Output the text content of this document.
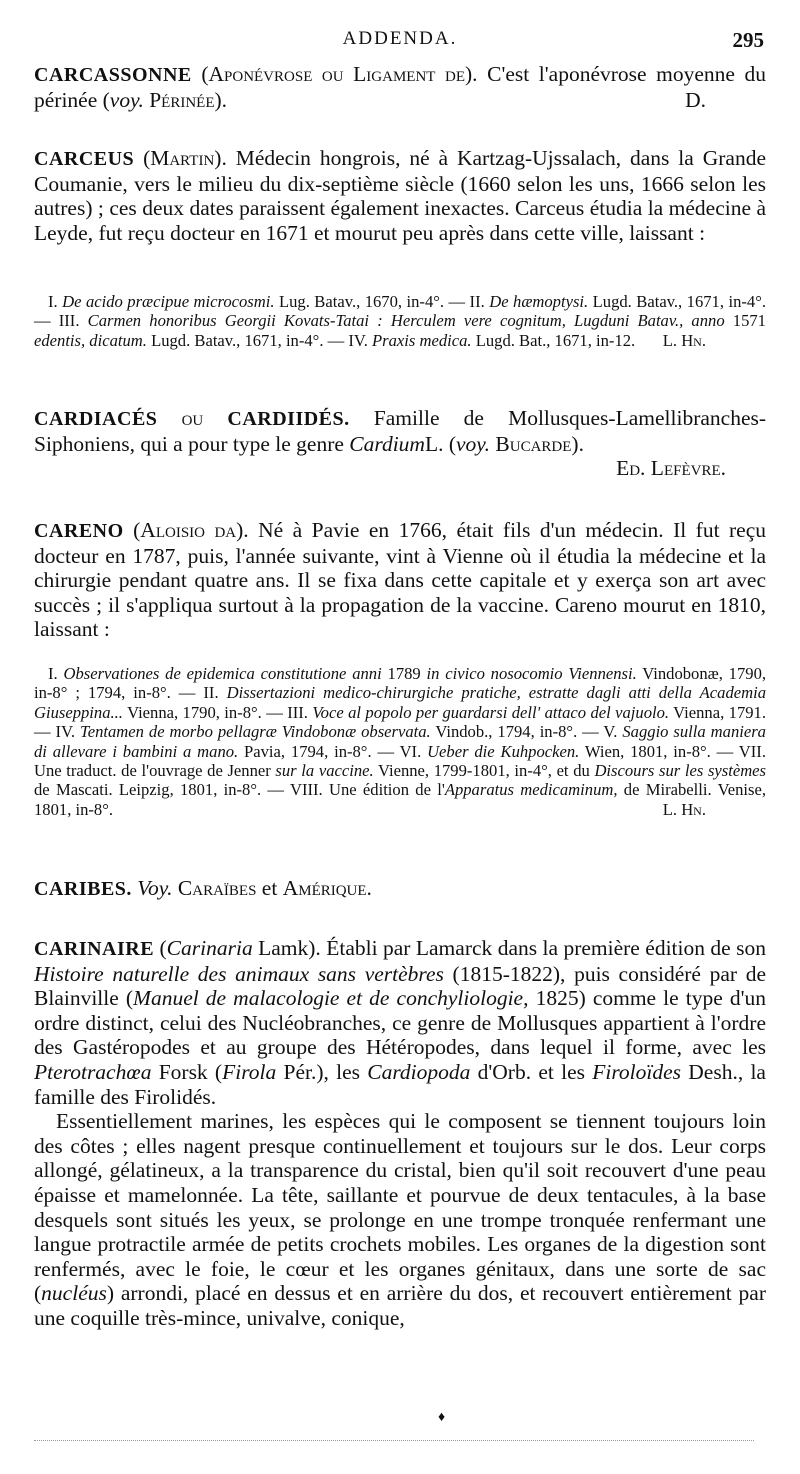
ADDENDA.	295

CARCASSONNE (Aponévrose ou Ligament de). C'est l'aponévrose moyenne du périnée (voy. Périnée).	D.

CARCEUS (Martin). Médecin hongrois, né à Kartzag-Ujssalach, dans la Grande Coumanie, vers le milieu du dix-septième siècle (1660 selon les uns, 1666 selon les autres) ; ces deux dates paraissent également inexactes. Carceus étudia la médecine à Leyde, fut reçu docteur en 1671 et mourut peu après dans cette ville, laissant :

I. De acido præcipue microcosmi. Lug. Batav., 1670, in-4°. — II. De hæmoptysi. Lugd. Batav., 1671, in-4°. — III. Carmen honoribus Georgii Kovats-Tatai : Herculem vere cognitum, Lugduni Batav., anno 1571 edentis, dicatum. Lugd. Batav., 1671, in-4°. — IV. Praxis medica. Lugd. Bat., 1671, in-12.	L. Hn.

CARDIACÉS ou CARDIIDÉS. Famille de Mollusques-Lamellibranches-Siphoniens, qui a pour type le genre CardiumL. (voy. Bucarde).

Ed. Lefèvre.

CARENO (Aloisio da). Né à Pavie en 1766, était fils d'un médecin. Il fut reçu docteur en 1787, puis, l'année suivante, vint à Vienne où il étudia la médecine et la chirurgie pendant quatre ans. Il se fixa dans cette capitale et y exerça son art avec succès ; il s'appliqua surtout à la propagation de la vaccine. Careno mourut en 1810, laissant :

I. Observationes de epidemica constitutione anni 1789 in civico nosocomio Viennensi. Vindobonæ, 1790, in-8° ; 1794, in-8°. — II. Dissertazioni medico-chirurgiche pratiche, estratte dagli atti della Academia Giuseppina... Vienna, 1790, in-8°. — III. Voce al popolo per guardarsi dell' attaco del vajuolo. Vienna, 1791. — IV. Tentamen de morbo pellagræ Vindobonæ observata. Vindob., 1794, in-8°. — V. Saggio sulla maniera di allevare i bambini a mano. Pavia, 1794, in-8°. — VI. Ueber die Kuhpocken. Wien, 1801, in-8°. — VII. Une traduct. de l'ouvrage de Jenner sur la vaccine. Vienne, 1799-1801, in-4°, et du Discours sur les systèmes de Mascati. Leipzig, 1801, in-8°. — VIII. Une édition de l'Apparatus medicaminum, de Mirabelli. Venise, 1801, in-8°.	L. Hn.

CARIBES. Voy. Caraïbes et Amérique.

CARINAIRE (Carinaria Lamk). Établi par Lamarck dans la première édition de son Histoire naturelle des animaux sans vertèbres (1815-1822), puis considéré par de Blainville (Manuel de malacologie et de conchyliologie, 1825) comme le type d'un ordre distinct, celui des Nucléobranches, ce genre de Mollusques appartient à l'ordre des Gastéropodes et au groupe des Hétéropodes, dans lequel il forme, avec les Pterotrachœa Forsk (Firola Pér.), les Cardiopoda d'Orb. et les Firoloïdes Desh., la famille des Firolidés.

Essentiellement marines, les espèces qui le composent se tiennent toujours loin des côtes ; elles nagent presque continuellement et toujours sur le dos. Leur corps allongé, gélatineux, a la transparence du cristal, bien qu'il soit recouvert d'une peau épaisse et mamelonnée. La tête, saillante et pourvue de deux tentacules, à la base desquels sont situés les yeux, se prolonge en une trompe tronquée renfermant une langue protractile armée de petits crochets mobiles. Les organes de la digestion sont renfermés, avec le foie, le cœur et les organes génitaux, dans une sorte de sac (nucléus) arrondi, placé en dessus et en arrière du dos, et recouvert entièrement par une coquille très-mince, univalve, conique,

♦
